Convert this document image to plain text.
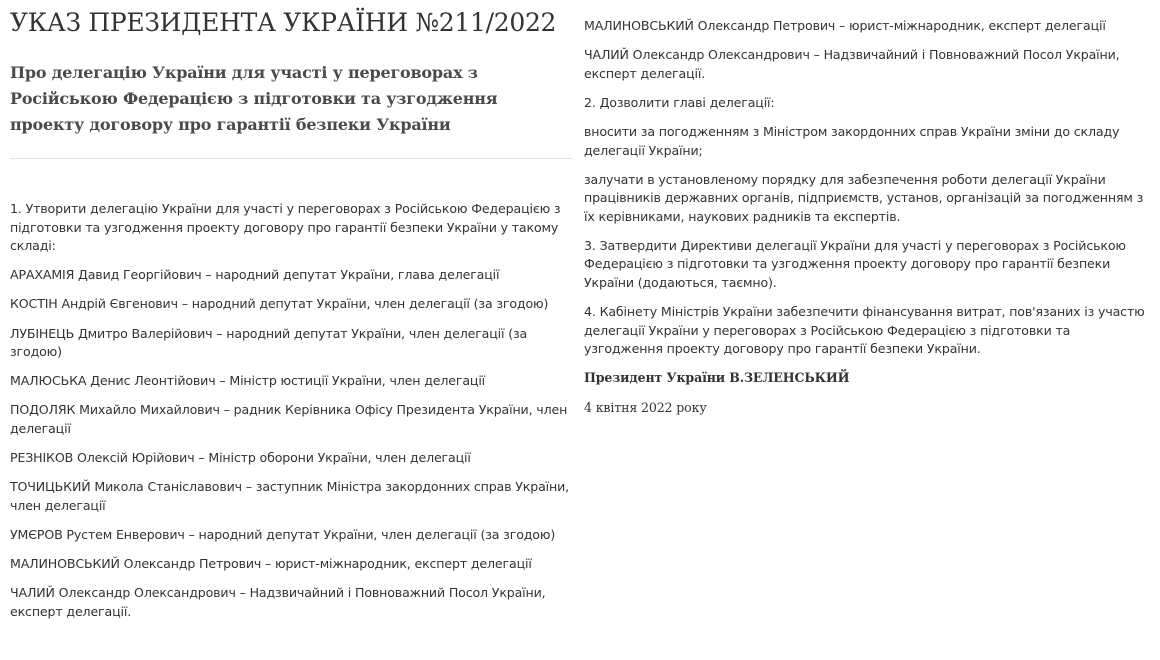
УКАЗ ПРЕЗИДЕНТА УКРАЇНИ №211/2022
Про делегацію України для участі у переговорах з Російською Федерацією з підготовки та узгодження проекту договору про гарантії безпеки України

1. Утворити делегацію України для участі у переговорах з Російською Федерацією з підготовки та узгодження проекту договору про гарантії безпеки України у такому складі:

АРАХАМІЯ Давид Георгійович – народний депутат України, глава делегації

КОСТІН Андрій Євгенович – народний депутат України, член делегації (за згодою)

ЛУБІНЕЦЬ Дмитро Валерійович – народний депутат України, член делегації (за згодою)

МАЛЮСЬКА Денис Леонтійович – Міністр юстиції України, член делегації

ПОДОЛЯК Михайло Михайлович – радник Керівника Офісу Президента України, член делегації

РЕЗНІКОВ Олексій Юрійович – Міністр оборони України, член делегації

ТОЧИЦЬКИЙ Микола Станіславович – заступник Міністра закордонних справ України, член делегації

УМЄРОВ Рустем Енверович – народний депутат України, член делегації (за згодою)

МАЛИНОВСЬКИЙ Олександр Петрович – юрист-міжнародник, експерт делегації

ЧАЛИЙ Олександр Олександрович – Надзвичайний і Повноважний Посол України, експерт делегації.

МАЛИНОВСЬКИЙ Олександр Петрович – юрист-міжнародник, експерт делегації

ЧАЛИЙ Олександр Олександрович – Надзвичайний і Повноважний Посол України, експерт делегації.

2. Дозволити главі делегації:

вносити за погодженням з Міністром закордонних справ України зміни до складу делегації України;

залучати в установленому порядку для забезпечення роботи делегації України працівників державних органів, підприємств, установ, організацій за погодженням з їх керівниками, наукових радників та експертів.

3. Затвердити Директиви делегації України для участі у переговорах з Російською Федерацією з підготовки та узгодження проекту договору про гарантії безпеки України (додаються, таємно).

4. Кабінету Міністрів України забезпечити фінансування витрат, пов'язаних із участю делегації України у переговорах з Російською Федерацією з підготовки та узгодження проекту договору про гарантії безпеки України.

Президент України В.ЗЕЛЕНСЬКИЙ

4 квітня 2022 року
